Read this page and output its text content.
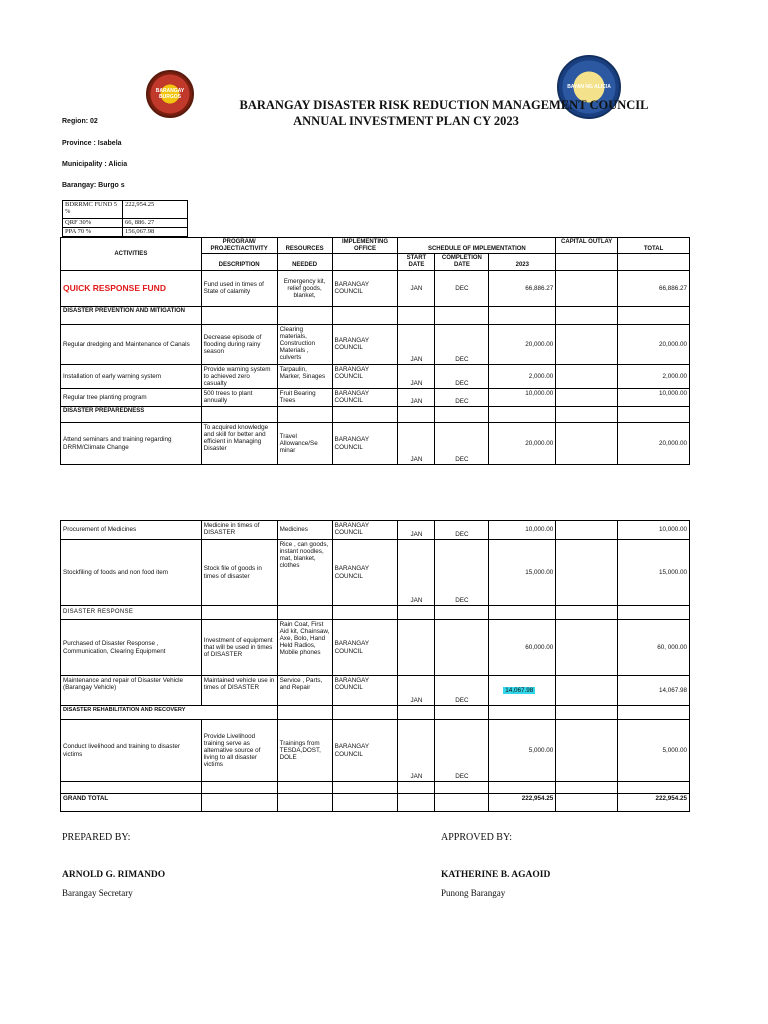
BARANGAY BURGOS
BAYAN NG ALICIA
BARANGAY DISASTER RISK REDUCTION MANAGEMENT COUNCIL
ANNUAL INVESTMENT PLAN CY 2023
Region: 02
Province : Isabela
Municipality : Alicia
Barangay: Burgo s
BDRRMC FUND 5 %	222,954.25
QRF 30%	66, 886. 27
PPA 70 %	156,067.98
ACTIVITIES	PROGRAM/ PROJECT/ACTIVITY	RESOURCES	IMPLEMENTING OFFICE	SCHEDULE OF IMPLEMENTATION			CAPITAL OUTLAY	TOTAL
	DESCRIPTION	NEEDED		START DATE	COMPLETION DATE	2023		
QUICK RESPONSE FUND	Fund used in times of State of calamity	Emergency kit, relief goods, blanket,	BARANGAY COUNCIL	JAN	DEC	66,886.27		66,886.27
DISASTER PREVENTION AND MITIGATION								
Regular dredging and Maintenance of Canals	Decrease episode of flooding during rainy season	Clearing materials, Construction Materials , culverts	BARANGAY COUNCIL	JAN	DEC	20,000.00		20,000.00
Installation of early warning system	Provide warning system to achieved zero casualty	Tarpaulin, Marker, Sinages	BARANGAY COUNCIL	JAN	DEC	2,000.00		2,000.00
Regular tree planting program	500 trees to plant annually	Fruit Bearing Trees	BARANGAY COUNCIL	JAN	DEC	10,000.00		10,000.00
DISASTER PREPAREDNESS								
Attend seminars and training regarding DRRM/Climate Change	To acquired knowledge and skill for better and efficient in Managing Disaster	Travel Allowance/Se minar	BARANGAY COUNCIL	JAN	DEC	20,000.00		20,000.00
Procurement of Medicines	Medicine in times of DISASTER	Medicines	BARANGAY COUNCIL	JAN	DEC	10,000.00		10,000.00
Stockfiling of foods and non food item	Stock file of goods in times of disaster	Rice , can goods, instant noodles, mat, blanket, clothes	BARANGAY COUNCIL	JAN	DEC	15,000.00		15,000.00
DISASTER RESPONSE								
Purchased of Disaster Response , Communication, Clearing Equipment	Investment of equipment that will be used in times of DISASTER	Rain Coat, First Aid kit, Chainsaw, Axe, Bolo, Hand Held Radios, Mobile phones	BARANGAY COUNCIL			60,000.00		60, 000.00
Maintenance and repair of Disaster Vehicle (Barangay Vehicle)	Maintained vehicle use in times of DISASTER	Service , Parts, and Repair	BARANGAY COUNCIL	JAN	DEC	14,067.98		14,067.98
DISASTER REHABILITATION AND RECOVERY								
Conduct livelihood and training to disaster victims	Provide Livelihood training serve as alternative source of living to all disaster victims	Trainings from TESDA,DOST, DOLE	BARANGAY COUNCIL	JAN	DEC	5,000.00		5,000.00

GRAND TOTAL						222,954.25		222,954.25
PREPARED BY:	APPROVED BY:
ARNOLD G. RIMANDO	KATHERINE B. AGAOID
Barangay Secretary	Punong Barangay
